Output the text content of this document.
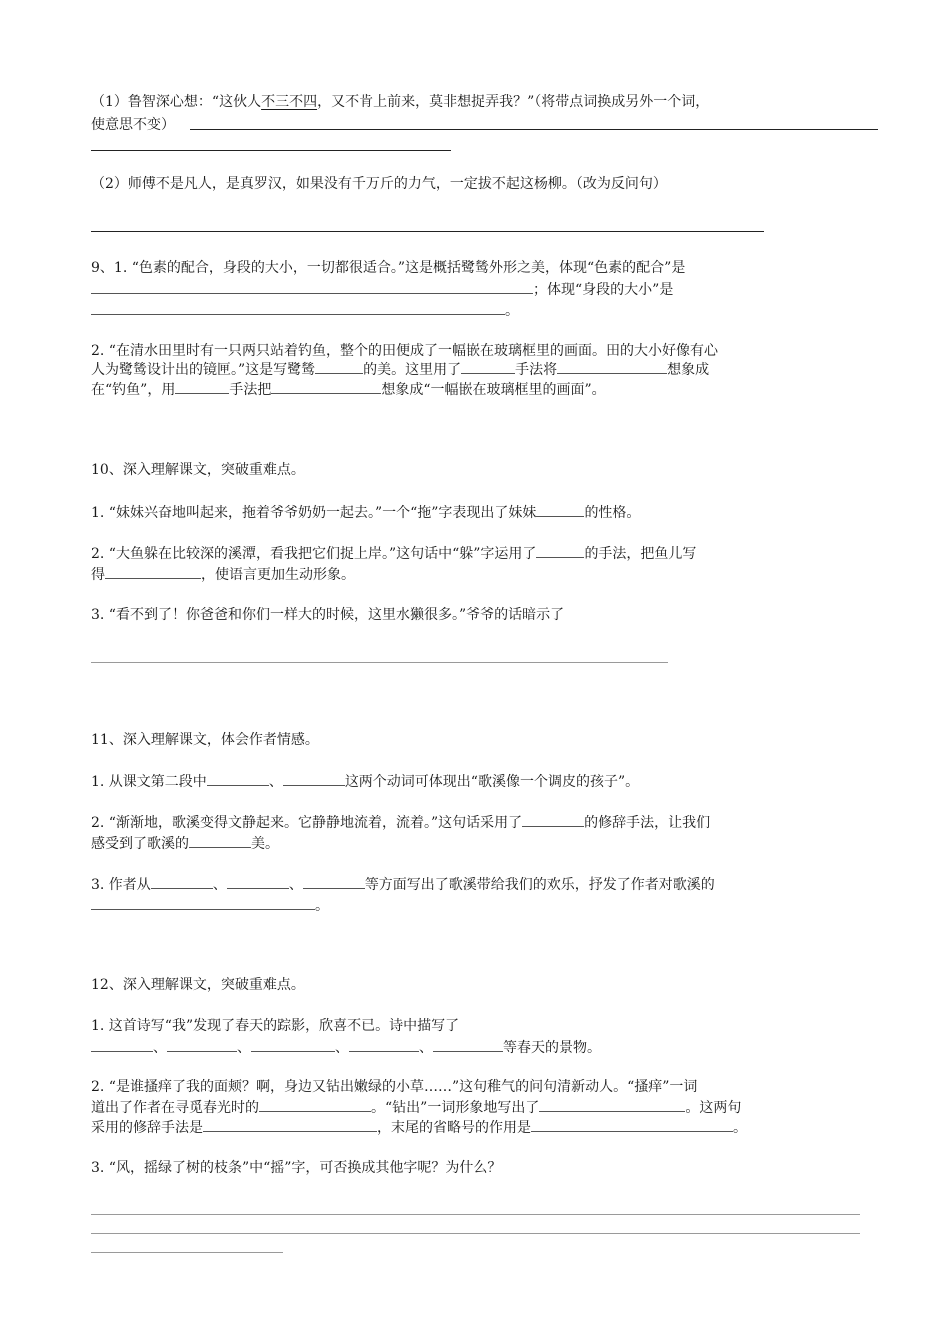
（1）鲁智深心想：“这伙人不三不四，又不肯上前来，莫非想捉弄我？”（将带点词换成另外一个词，
使意思不变）
（2）师傅不是凡人，是真罗汉，如果没有千万斤的力气，一定拔不起这杨柳。（改为反问句）
9、1. “色素的配合，身段的大小，一切都很适合。”这是概括鹭鸶外形之美，体现“色素的配合”是
；体现“身段的大小”是
。
2. “在清水田里时有一只两只站着钓鱼，整个的田便成了一幅嵌在玻璃框里的画面。田的大小好像有心
人为鹭鸶设计出的镜匣。”这是写鹭鸶	的美。这里用了	手法将	想象成
在“钓鱼”，用	手法把	想象成“一幅嵌在玻璃框里的画面”。
10、深入理解课文，突破重难点。
1. “妹妹兴奋地叫起来，拖着爷爷奶奶一起去。”一个“拖”字表现出了妹妹	的性格。
2. “大鱼躲在比较深的溪潭，看我把它们捉上岸。”这句话中“躲”字运用了	的手法，把鱼儿写
得	，使语言更加生动形象。
3. “看不到了！你爸爸和你们一样大的时候，这里水獭很多。”爷爷的话暗示了
11、深入理解课文，体会作者情感。
1. 从课文第二段中	、	这两个动词可体现出“歌溪像一个调皮的孩子”。
2. “渐渐地，歌溪变得文静起来。它静静地流着，流着。”这句话采用了	的修辞手法，让我们
感受到了歌溪的	美。
3. 作者从	、	、	等方面写出了歌溪带给我们的欢乐，抒发了作者对歌溪的
。
12、深入理解课文，突破重难点。
1. 这首诗写“我”发现了春天的踪影，欣喜不已。诗中描写了
、	、	、	、	等春天的景物。
2. “是谁搔痒了我的面颊？啊，身边又钻出嫩绿的小草……”这句稚气的问句清新动人。“搔痒”一词
道出了作者在寻觅春光时的	。“钻出”一词形象地写出了	。这两句
采用的修辞手法是	，末尾的省略号的作用是	。
3. “风，摇绿了树的枝条”中“摇”字，可否换成其他字呢？为什么？
